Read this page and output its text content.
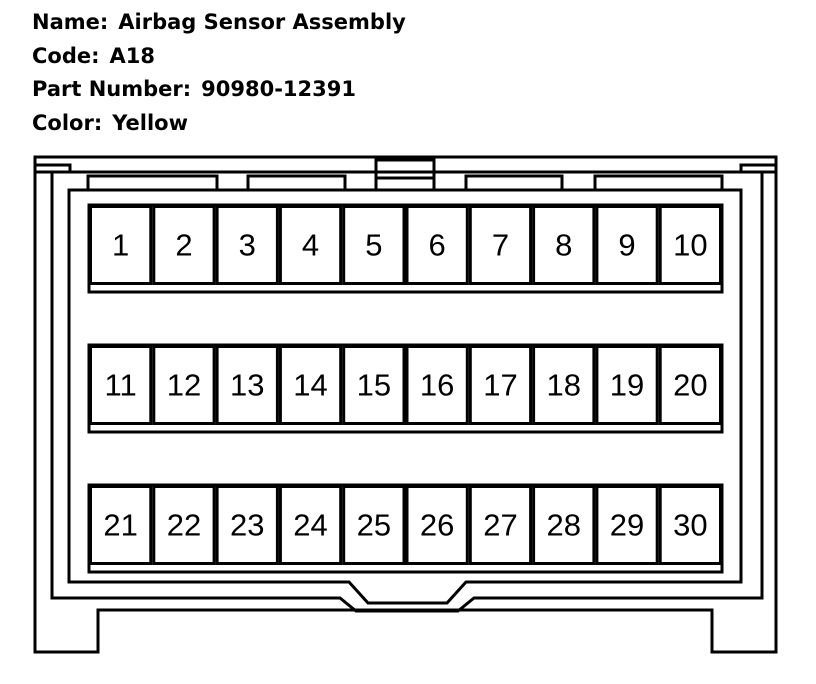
Name: Airbag Sensor Assembly
Code: A18
Part Number: 90980-12391
Color: Yellow
1 2 3 4 5 6 7 8 9 10
11 12 13 14 15 16 17 18 19 20
21 22 23 24 25 26 27 28 29 30
